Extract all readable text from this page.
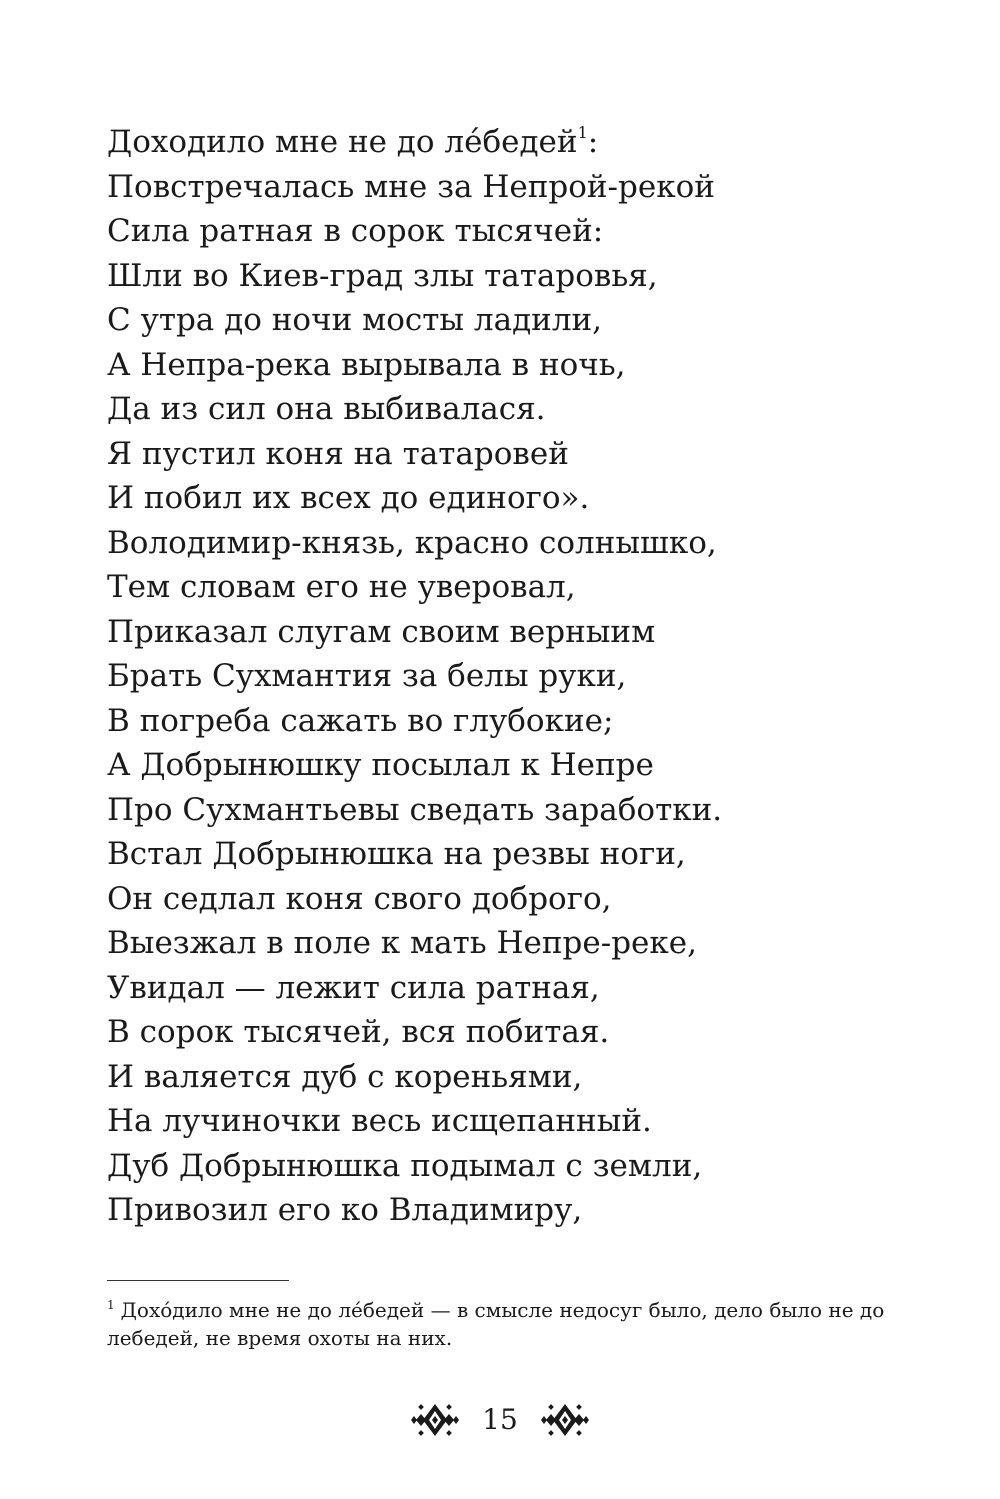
Доходило мне не до ле́бедей$^1$:
Повстречалась мне за Непрой-рекой
Сила ратная в сорок тысячей:
Шли во Киев-град злы татаровья,
С утра до ночи мосты ладили,
А Непра-река вырывала в ночь,
Да из сил она выбивалася.
Я пустил коня на татаровей
И побил их всех до единого».
Володимир-князь, красно солнышко,
Тем словам его не уверовал,
Приказал слугам своим верныим
Брать Сухмантия за белы руки,
В погреба сажать во глубокие;
А Добрынюшку посылал к Непре
Про Сухмантьевы сведать заработки.
Встал Добрынюшка на резвы ноги,
Он седлал коня свого доброго,
Выезжал в поле к мать Непре-реке,
Увидал — лежит сила ратная,
В сорок тысячей, вся побитая.
И валяется дуб с кореньями,
На лучиночки весь исщепанный.
Дуб Добрынюшка подымал с земли,
Привозил его ко Владимиру,
$^1$ Дохо́дило мне не до ле́бедей — в смысле недосуг было, дело было не до лебедей, не время охоты на них.
15
